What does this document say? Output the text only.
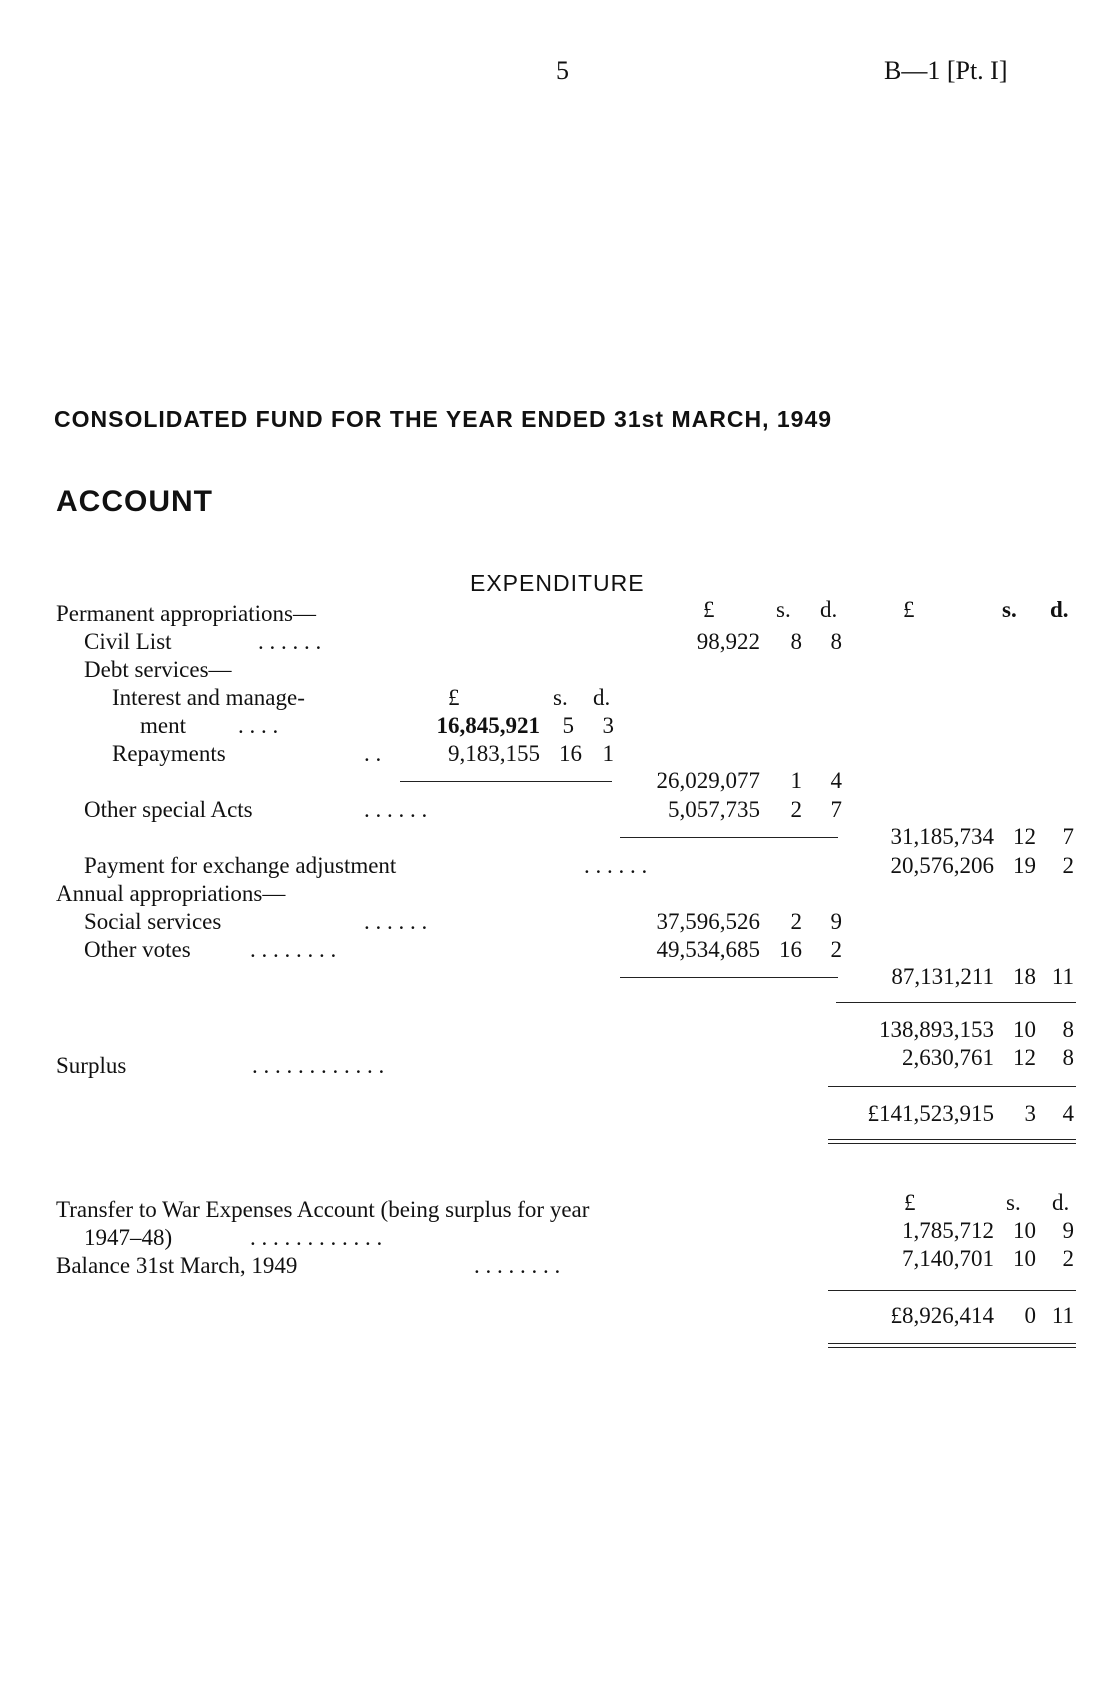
5	B—1 [Pt. I]
CONSOLIDATED FUND FOR THE YEAR ENDED 31st MARCH, 1949
ACCOUNT
EXPENDITURE
£	s. d.	£	s. d.
Permanent appropriations—
Civil List	. . . . . .	98,922	8	8
Debt services—
Interest and manage-	£	s. d.
ment . . . .	16,845,921 5	3
Repayments	. .	9,183,155 16 1
26,029,077	1	4
Other special Acts	. . . . . .	5,057,735	2	7
31,185,734 12	7
Payment for exchange adjustment	. . . . . .	20,576,206 19	2
Annual appropriations—
Social services	. . . . . .	37,596,526	2	9
Other votes	. . . . . . . .	49,534,685 16	2
87,131,211 18 11
138,893,153 10	8
Surplus	. . . . . . . . . . . .	2,630,761 12	8
£141,523,915	3	4
Transfer to War Expenses Account (being surplus for year	£	s. d.
1947–48)	. . . . . . . . . . . .	1,785,712 10	9
Balance 31st March, 1949	. . . . . . . .	7,140,701 10	2
£8,926,414	0 11
